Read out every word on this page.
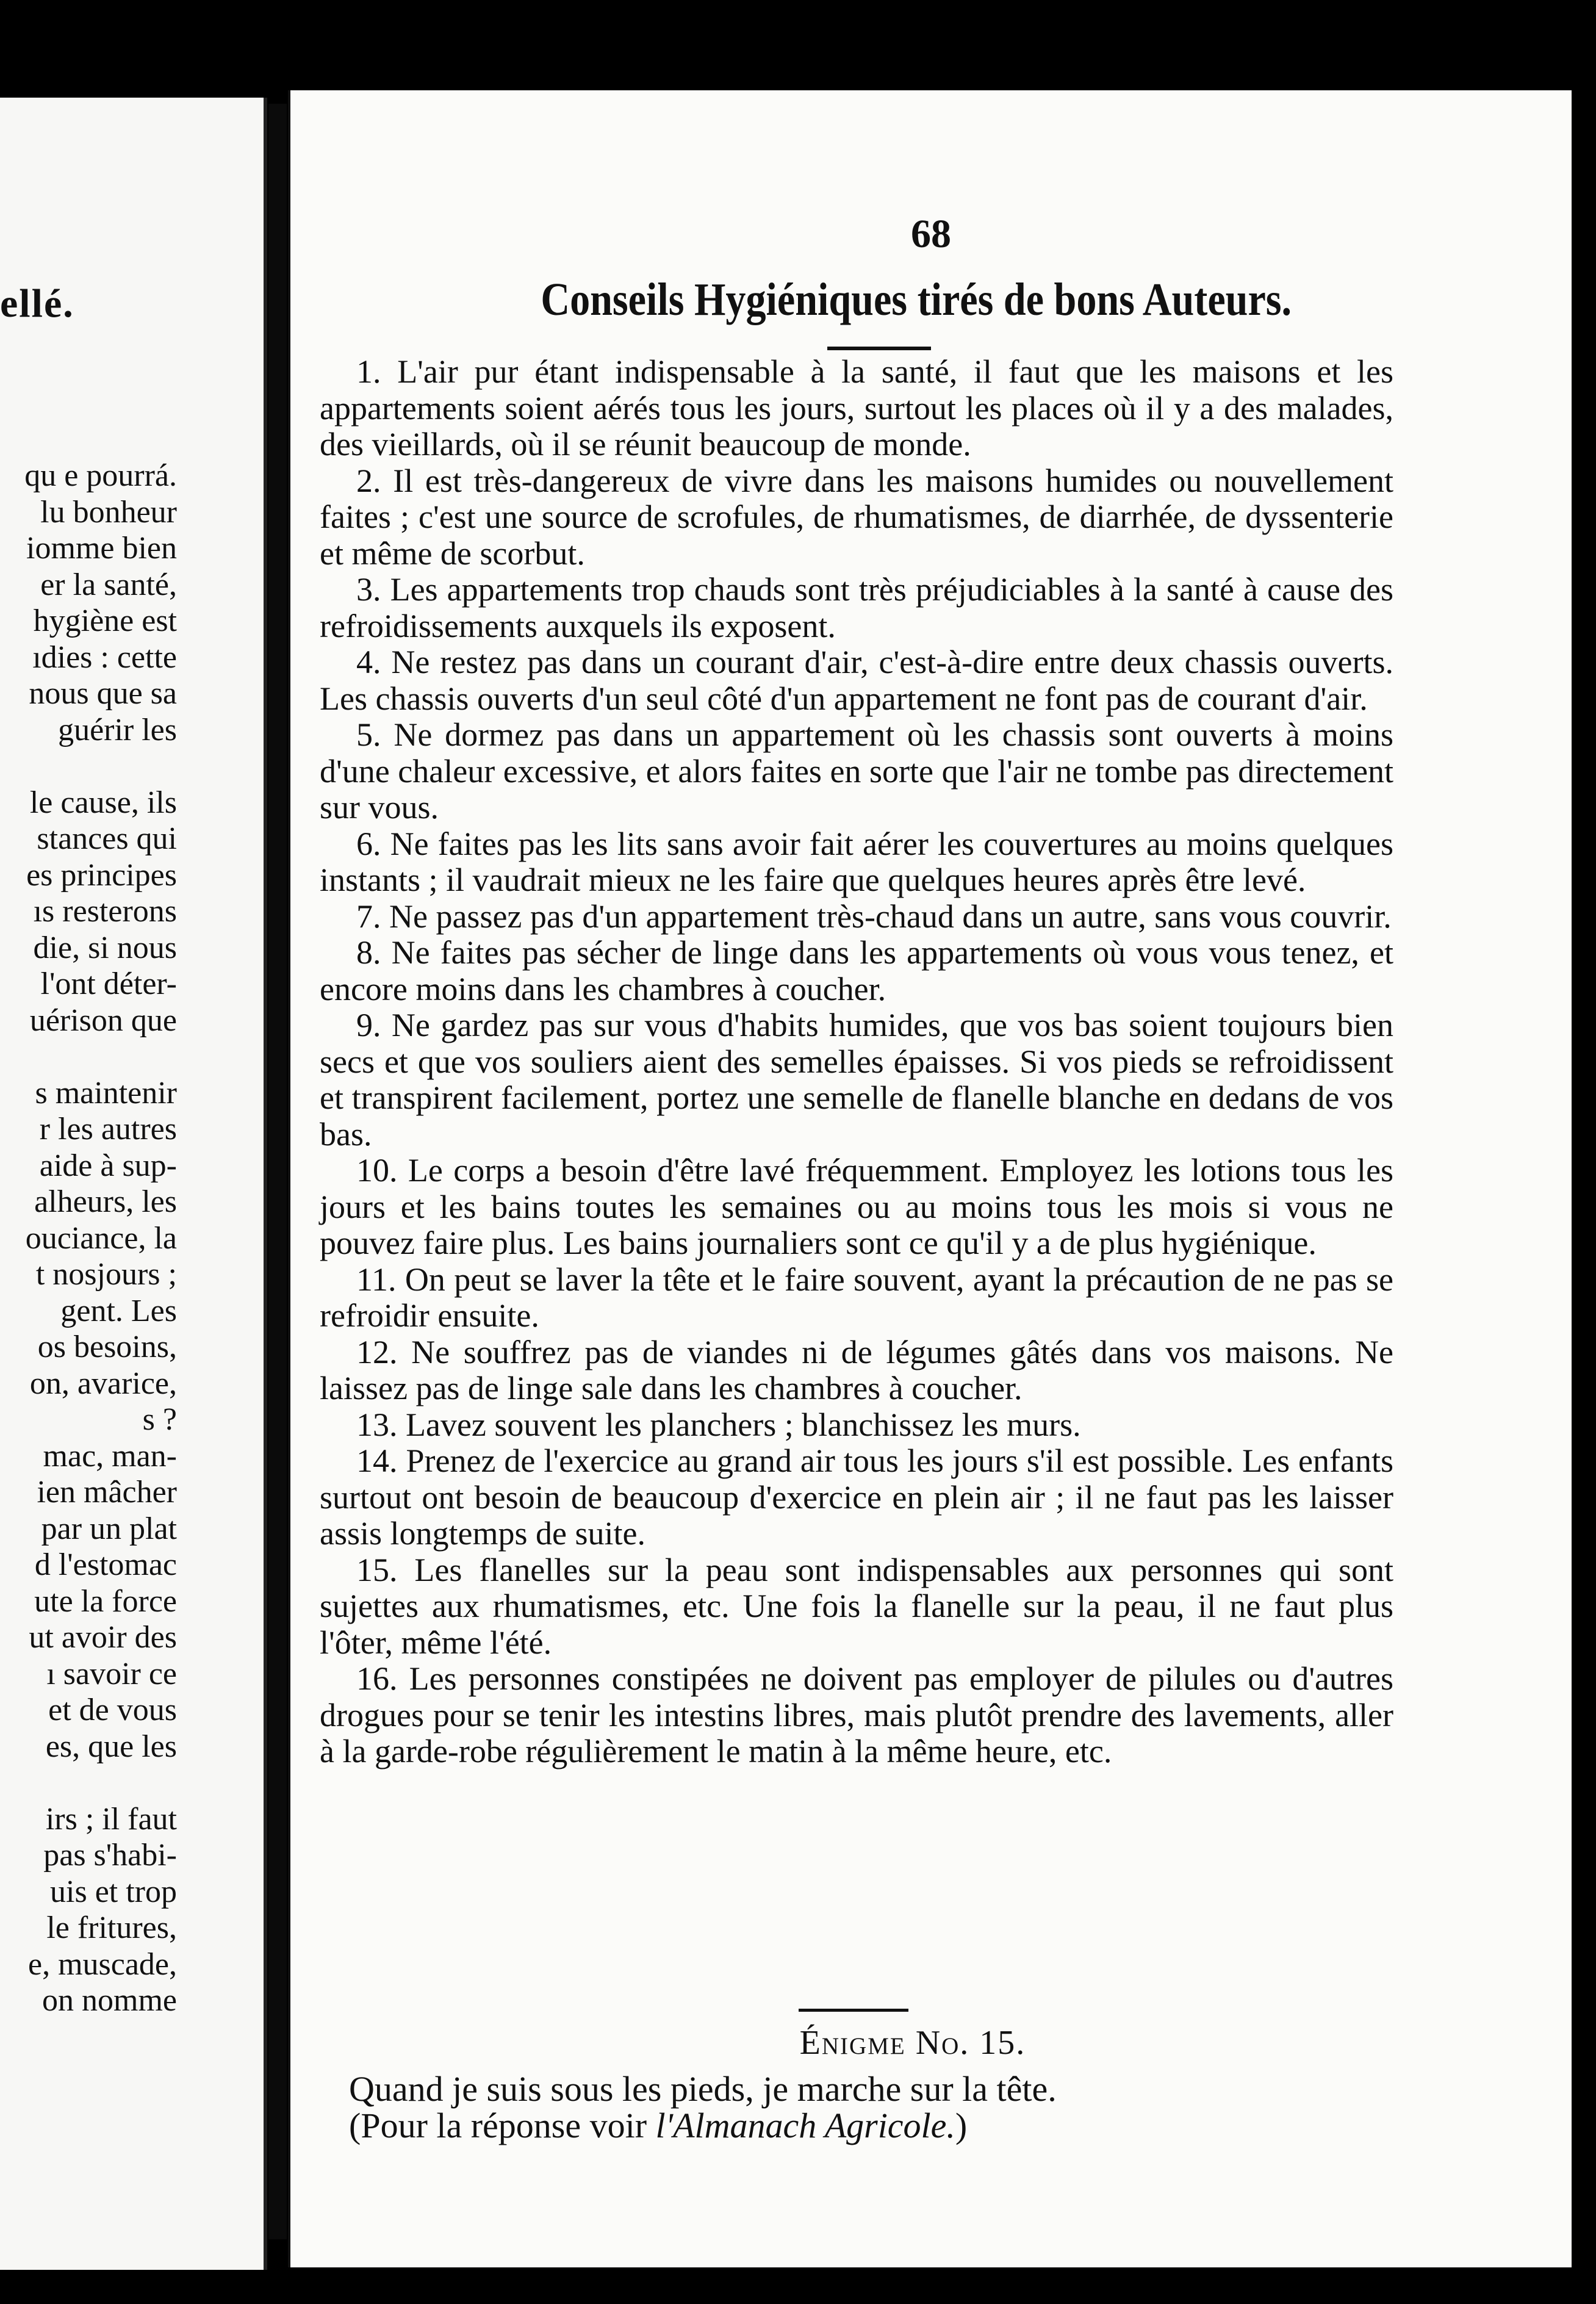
ellé.
qu e pourrá.
lu bonheur
iomme bien
er la santé,
hygiène est
ıdies : cette
nous que sa
guérir les
le cause, ils
stances qui
es principes
ıs resterons
die, si nous
l'ont déter-
uérison que
s maintenir
r les autres
aide à sup-
alheurs, les
ouciance, la
t nosjours ;
gent. Les
os besoins,
on, avarice,
s ?
mac, man-
ien mâcher
par un plat
d l'estomac
ute la force
ut avoir des
ı savoir ce
et de vous
es, que les
irs ; il faut
pas s'habi-
uis et trop
le fritures,
e, muscade,
on nomme
68
Conseils Hygiéniques tirés de bons Auteurs.

1. L'air pur étant indispensable à la santé, il faut que les maisons et les appartements soient aérés tous les jours, surtout les places où il y a des malades, des vieillards, où il se réunit beaucoup de monde.

2. Il est très-dangereux de vivre dans les maisons humides ou nouvellement faites ; c'est une source de scrofules, de rhumatismes, de diarrhée, de dyssenterie et même de scorbut.

3. Les appartements trop chauds sont très préjudiciables à la santé à cause des refroidissements auxquels ils exposent.

4. Ne restez pas dans un courant d'air, c'est-à-dire entre deux chassis ouverts. Les chassis ouverts d'un seul côté d'un appartement ne font pas de courant d'air.

5. Ne dormez pas dans un appartement où les chassis sont ouverts à moins d'une chaleur excessive, et alors faites en sorte que l'air ne tombe pas directement sur vous.

6. Ne faites pas les lits sans avoir fait aérer les couvertures au moins quelques instants ; il vaudrait mieux ne les faire que quelques heures après être levé.

7. Ne passez pas d'un appartement très-chaud dans un autre, sans vous couvrir.

8. Ne faites pas sécher de linge dans les appartements où vous vous tenez, et encore moins dans les chambres à coucher.

9. Ne gardez pas sur vous d'habits humides, que vos bas soient toujours bien secs et que vos souliers aient des semelles épaisses. Si vos pieds se refroidissent et transpirent facilement, portez une semelle de flanelle blanche en dedans de vos bas.

10. Le corps a besoin d'être lavé fréquemment. Employez les lotions tous les jours et les bains toutes les semaines ou au moins tous les mois si vous ne pouvez faire plus. Les bains journaliers sont ce qu'il y a de plus hygiénique.

11. On peut se laver la tête et le faire souvent, ayant la précaution de ne pas se refroidir ensuite.

12. Ne souffrez pas de viandes ni de légumes gâtés dans vos maisons. Ne laissez pas de linge sale dans les chambres à coucher.

13. Lavez souvent les planchers ; blanchissez les murs.

14. Prenez de l'exercice au grand air tous les jours s'il est possible. Les enfants surtout ont besoin de beaucoup d'exercice en plein air ; il ne faut pas les laisser assis longtemps de suite.

15. Les flanelles sur la peau sont indispensables aux personnes qui sont sujettes aux rhumatismes, etc. Une fois la flanelle sur la peau, il ne faut plus l'ôter, même l'été.

16. Les personnes constipées ne doivent pas employer de pilules ou d'autres drogues pour se tenir les intestins libres, mais plutôt prendre des lavements, aller à la garde-robe régulièrement le matin à la même heure, etc.

Énigme No. 15.
Quand je suis sous les pieds, je marche sur la tête.
(Pour la réponse voir l'Almanach Agricole.)
